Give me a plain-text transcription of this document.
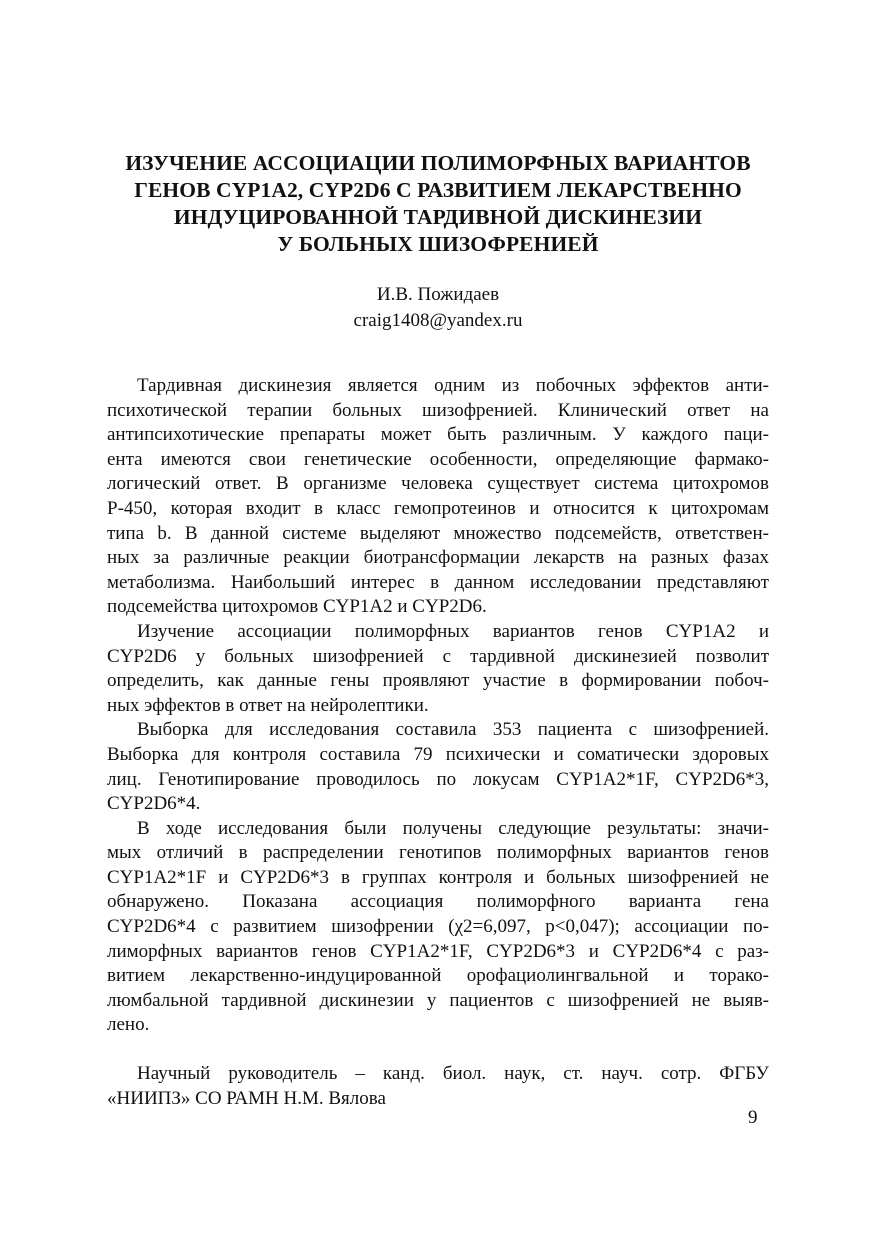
ИЗУЧЕНИЕ АССОЦИАЦИИ ПОЛИМОРФНЫХ ВАРИАНТОВ
ГЕНОВ CYP1A2, CYP2D6 С РАЗВИТИЕМ ЛЕКАРСТВЕННО
ИНДУЦИРОВАННОЙ ТАРДИВНОЙ ДИСКИНЕЗИИ
У БОЛЬНЫХ ШИЗОФРЕНИЕЙ
И.В. Пожидаев
craig1408@yandex.ru

Тардивная дискинезия является одним из побочных эффектов анти-
психотической терапии больных шизофренией. Клинический ответ на
антипсихотические препараты может быть различным. У каждого паци-
ента имеются свои генетические особенности, определяющие фармако-
логический ответ. В организме человека существует система цитохромов
Р-450, которая входит в класс гемопротеинов и относится к цитохромам
типа b. В данной системе выделяют множество подсемейств, ответствен-
ных за различные реакции биотрансформации лекарств на разных фазах
метаболизма. Наибольший интерес в данном исследовании представляют
подсемейства цитохромов CYP1A2 и CYP2D6.

Изучение ассоциации полиморфных вариантов генов CYP1A2 и
CYP2D6 у больных шизофренией с тардивной дискинезией позволит
определить, как данные гены проявляют участие в формировании побоч-
ных эффектов в ответ на нейролептики.

Выборка для исследования составила 353 пациента с шизофренией.
Выборка для контроля составила 79 психически и соматически здоровых
лиц. Генотипирование проводилось по локусам CYP1A2*1F, CYP2D6*3,
CYP2D6*4.

В ходе исследования были получены следующие результаты: значи-
мых отличий в распределении генотипов полиморфных вариантов генов
CYP1A2*1F и CYP2D6*3 в группах контроля и больных шизофренией не
обнаружено. Показана ассоциация полиморфного варианта гена
CYP2D6*4 с развитием шизофрении (χ2=6,097, p<0,047); ассоциации по-
лиморфных вариантов генов CYP1A2*1F, CYP2D6*3 и CYP2D6*4 с раз-
витием лекарственно-индуцированной орофациолингвальной и торако-
люмбальной тардивной дискинезии у пациентов с шизофренией не выяв-
лено.

Научный руководитель – канд. биол. наук, ст. науч. сотр. ФГБУ
«НИИПЗ» СО РАМН Н.М. Вялова

9
